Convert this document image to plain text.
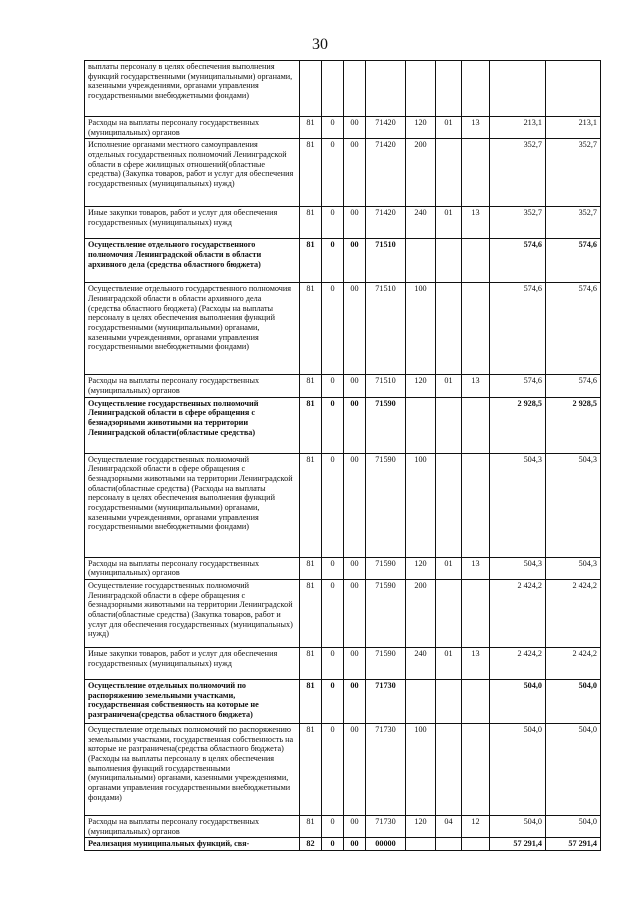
30
выплаты персоналу в целях обеспечения выполнения функций государственными (муниципальными) органами, казенными учреждениями, органами управления государственными внебюджетными фондами)									
Расходы на выплаты персоналу государственных (муниципальных) органов	81	0	00	71420	120	01	13	213,1	213,1
Исполнение органами местного самоуправления отдельных государственных полномочий Ленинградской области в сфере жилищных отношений(областные средства) (Закупка товаров, работ и услуг для обеспечения государственных (муниципальных) нужд)	81	0	00	71420	200			352,7	352,7
Иные закупки товаров, работ и услуг для обеспечения государственных (муниципальных) нужд	81	0	00	71420	240	01	13	352,7	352,7
Осуществление отдельного государственного полномочия Ленинградской области в области архивного дела (средства областного бюджета)	81	0	00	71510				574,6	574,6
Осуществление отдельного государственного полномочия Ленинградской области в области архивного дела (средства областного бюджета) (Расходы на выплаты персоналу в целях обеспечения выполнения функций государственными (муниципальными) органами, казенными учреждениями, органами управления государственными внебюджетными фондами)	81	0	00	71510	100			574,6	574,6
Расходы на выплаты персоналу государственных (муниципальных) органов	81	0	00	71510	120	01	13	574,6	574,6
Осуществление государственных полномочий Ленинградской области в сфере обращения с безнадзорными животными на территории Ленинградской области(областные средства)	81	0	00	71590				2 928,5	2 928,5
Осуществление государственных полномочий Ленинградской области в сфере обращения с безнадзорными животными на территории Ленинградской области(областные средства) (Расходы на выплаты персоналу в целях обеспечения выполнения функций государственными (муниципальными) органами, казенными учреждениями, органами управления государственными внебюджетными фондами)	81	0	00	71590	100			504,3	504,3
Расходы на выплаты персоналу государственных (муниципальных) органов	81	0	00	71590	120	01	13	504,3	504,3
Осуществление государственных полномочий Ленинградской области в сфере обращения с безнадзорными животными на территории Ленинградской области(областные средства) (Закупка товаров, работ и услуг для обеспечения государственных (муниципальных) нужд)	81	0	00	71590	200			2 424,2	2 424,2
Иные закупки товаров, работ и услуг для обеспечения государственных (муниципальных) нужд	81	0	00	71590	240	01	13	2 424,2	2 424,2
Осуществление отдельных полномочий по распоряжению земельными участками, государственная собственность на которые не разграничена(средства областного бюджета)	81	0	00	71730				504,0	504,0
Осуществление отдельных полномочий по распоряжению земельными участками, государственная собственность на которые не разграничена(средства областного бюджета) (Расходы на выплаты персоналу в целях обеспечения выполнения функций государственными (муниципальными) органами, казенными учреждениями, органами управления государственными внебюджетными фондами)	81	0	00	71730	100			504,0	504,0
Расходы на выплаты персоналу государственных (муниципальных) органов	81	0	00	71730	120	04	12	504,0	504,0
Реализация муниципальных функций, свя-	82	0	00	00000				57 291,4	57 291,4
